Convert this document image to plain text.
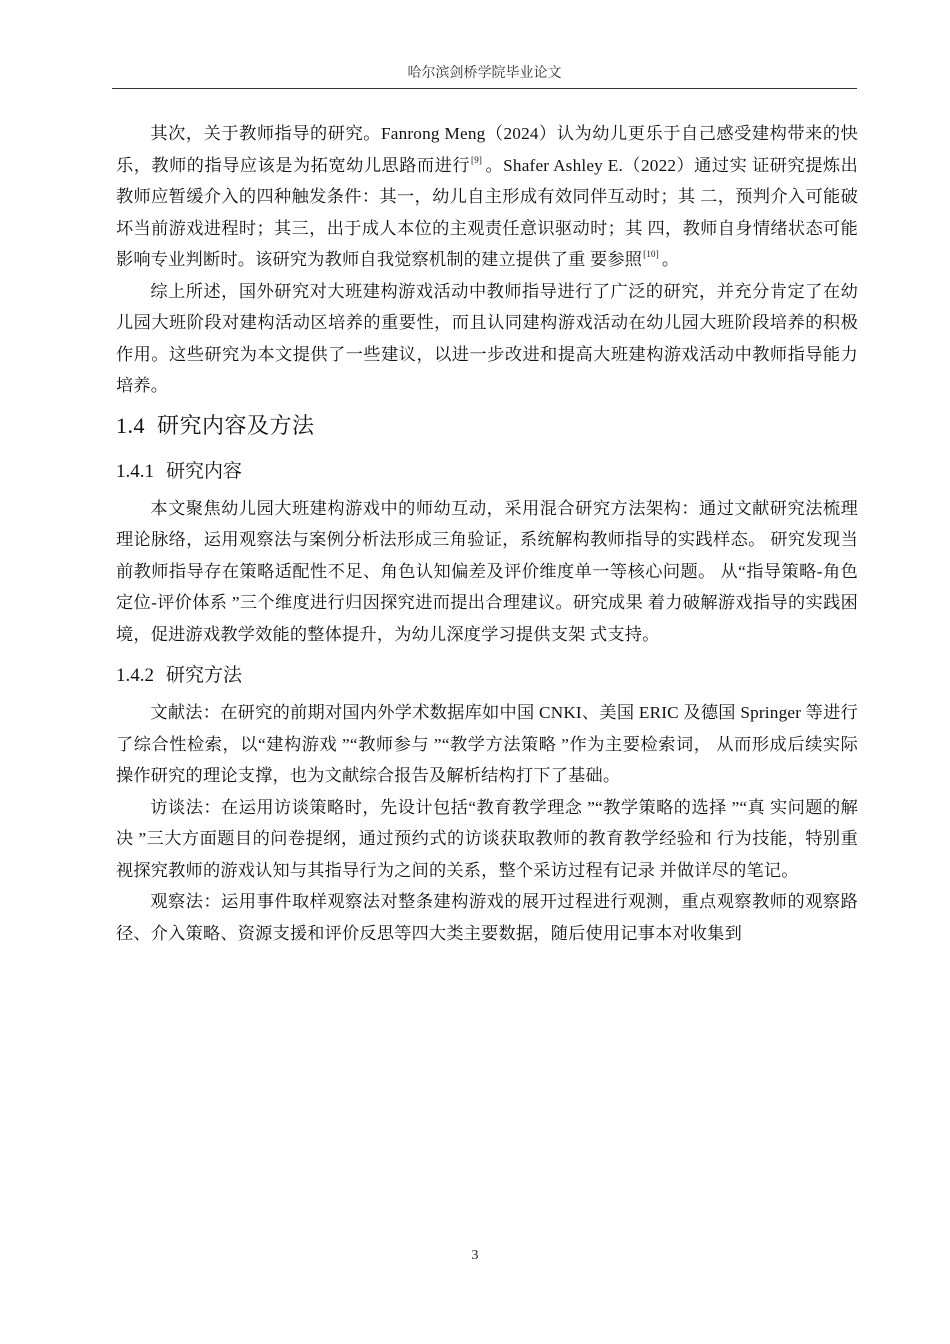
哈尔滨剑桥学院毕业论文

其次，关于教师指导的研究。Fanrong Meng（2024）认为幼儿更乐于自己感受建构带来的快乐，教师的指导应该是为拓宽幼儿思路而进行[9] 。Shafer Ashley E.（2022）通过实 证研究提炼出教师应暂缓介入的四种触发条件：其一，幼儿自主形成有效同伴互动时；其 二，预判介入可能破坏当前游戏进程时；其三，出于成人本位的主观责任意识驱动时；其 四，教师自身情绪状态可能影响专业判断时。该研究为教师自我觉察机制的建立提供了重 要参照[10] 。

综上所述，国外研究对大班建构游戏活动中教师指导进行了广泛的研究，并充分肯定了在幼儿园大班阶段对建构活动区培养的重要性，而且认同建构游戏活动在幼儿园大班阶段培养的积极作用。这些研究为本文提供了一些建议，以进一步改进和提高大班建构游戏活动中教师指导能力培养。

1.4 研究内容及方法
1.4.1 研究内容

本文聚焦幼儿园大班建构游戏中的师幼互动，采用混合研究方法架构：通过文献研究法梳理理论脉络，运用观察法与案例分析法形成三角验证，系统解构教师指导的实践样态。 研究发现当前教师指导存在策略适配性不足、角色认知偏差及评价维度单一等核心问题。 从“指导策略-角色定位-评价体系 ”三个维度进行归因探究进而提出合理建议。研究成果 着力破解游戏指导的实践困境，促进游戏教学效能的整体提升，为幼儿深度学习提供支架 式支持。

1.4.2 研究方法

文献法：在研究的前期对国内外学术数据库如中国 CNKI、美国 ERIC 及德国 Springer 等进行了综合性检索，以“建构游戏 ”“教师参与 ”“教学方法策略 ”作为主要检索词， 从而形成后续实际操作研究的理论支撑，也为文献综合报告及解析结构打下了基础。

访谈法：在运用访谈策略时，先设计包括“教育教学理念 ”“教学策略的选择 ”“真 实问题的解决 ”三大方面题目的问卷提纲，通过预约式的访谈获取教师的教育教学经验和 行为技能，特别重视探究教师的游戏认知与其指导行为之间的关系，整个采访过程有记录 并做详尽的笔记。

观察法：运用事件取样观察法对整条建构游戏的展开过程进行观测，重点观察教师的观察路径、介入策略、资源支援和评价反思等四大类主要数据，随后使用记事本对收集到

3
